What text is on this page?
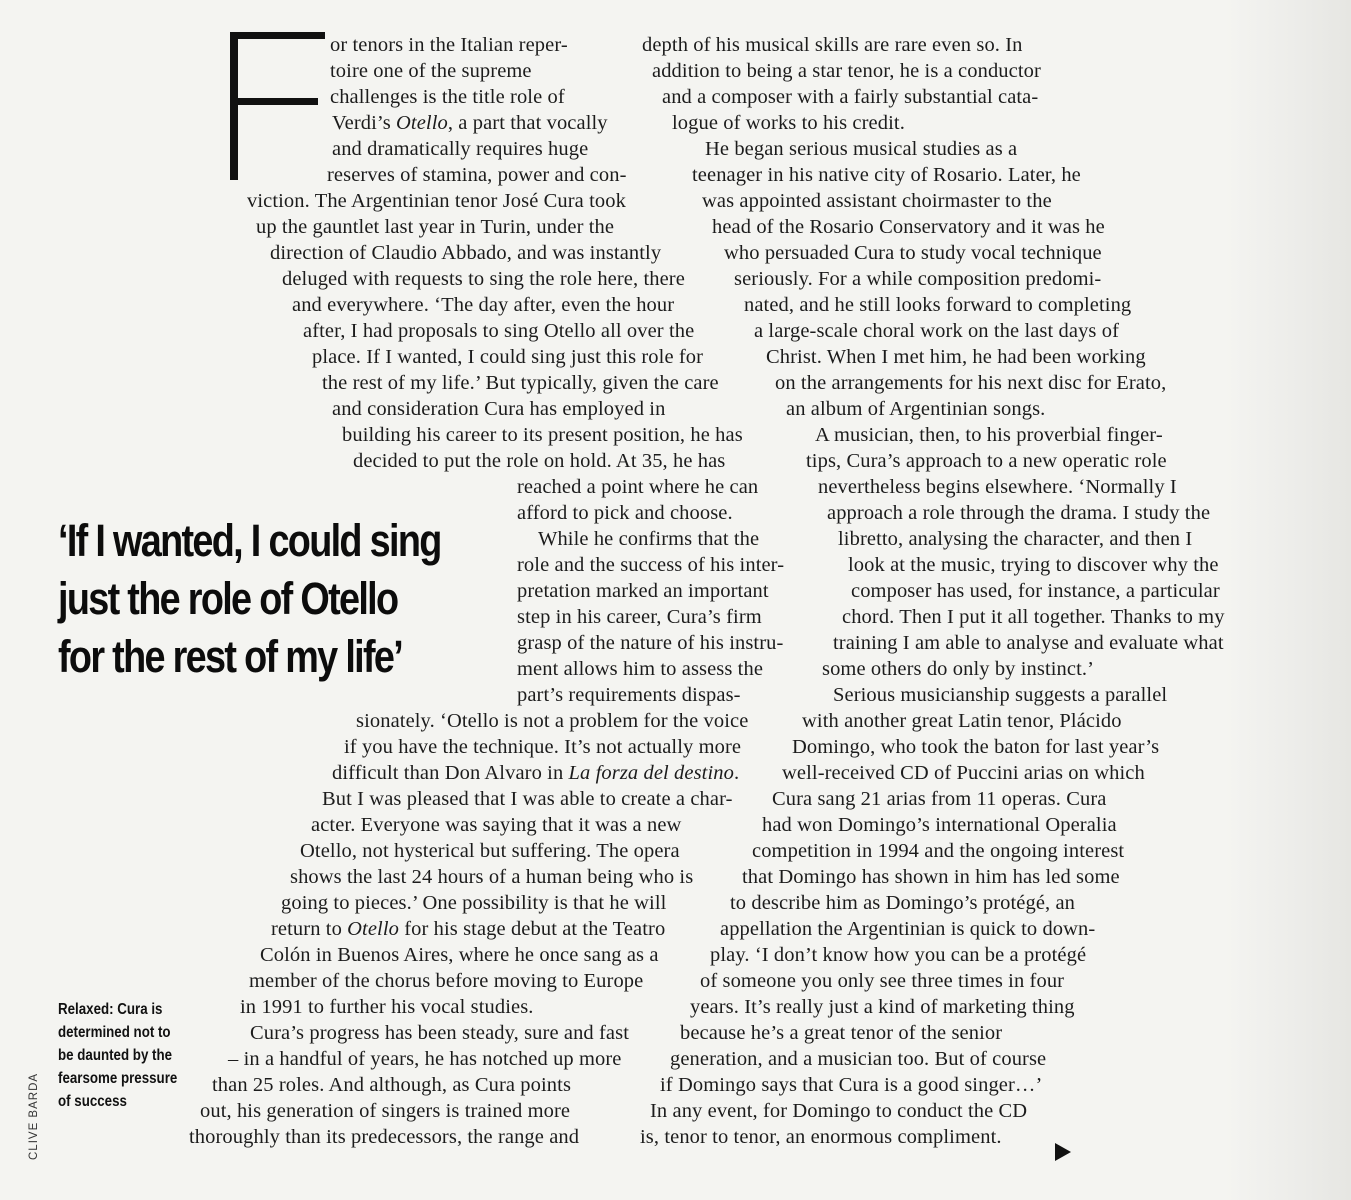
or tenors in the Italian reper-

toire one of the supreme

challenges is the title role of

Verdi’s Otello, a part that vocally

and dramatically requires huge

reserves of stamina, power and con-

viction. The Argentinian tenor José Cura took

up the gauntlet last year in Turin, under the

direction of Claudio Abbado, and was instantly

deluged with requests to sing the role here, there

and everywhere. ‘The day after, even the hour

after, I had proposals to sing Otello all over the

place. If I wanted, I could sing just this role for

the rest of my life.’ But typically, given the care

and consideration Cura has employed in

building his career to its present position, he has

decided to put the role on hold. At 35, he has

reached a point where he can

afford to pick and choose.

While he confirms that the

role and the success of his inter-

pretation marked an important

step in his career, Cura’s firm

grasp of the nature of his instru-

ment allows him to assess the

part’s requirements dispas-

sionately. ‘Otello is not a problem for the voice

if you have the technique. It’s not actually more

difficult than Don Alvaro in La forza del destino.

But I was pleased that I was able to create a char-

acter. Everyone was saying that it was a new

Otello, not hysterical but suffering. The opera

shows the last 24 hours of a human being who is

going to pieces.’ One possibility is that he will

return to Otello for his stage debut at the Teatro

Colón in Buenos Aires, where he once sang as a

member of the chorus before moving to Europe

in 1991 to further his vocal studies.

Cura’s progress has been steady, sure and fast

– in a handful of years, he has notched up more

than 25 roles. And although, as Cura points

out, his generation of singers is trained more

thoroughly than its predecessors, the range and

depth of his musical skills are rare even so. In

addition to being a star tenor, he is a conductor

and a composer with a fairly substantial cata-

logue of works to his credit.

He began serious musical studies as a

teenager in his native city of Rosario. Later, he

was appointed assistant choirmaster to the

head of the Rosario Conservatory and it was he

who persuaded Cura to study vocal technique

seriously. For a while composition predomi-

nated, and he still looks forward to completing

a large-scale choral work on the last days of

Christ. When I met him, he had been working

on the arrangements for his next disc for Erato,

an album of Argentinian songs.

A musician, then, to his proverbial finger-

tips, Cura’s approach to a new operatic role

nevertheless begins elsewhere. ‘Normally I

approach a role through the drama. I study the

libretto, analysing the character, and then I

look at the music, trying to discover why the

composer has used, for instance, a particular

chord. Then I put it all together. Thanks to my

training I am able to analyse and evaluate what

some others do only by instinct.’

Serious musicianship suggests a parallel

with another great Latin tenor, Plácido

Domingo, who took the baton for last year’s

well-received CD of Puccini arias on which

Cura sang 21 arias from 11 operas. Cura

had won Domingo’s international Operalia

competition in 1994 and the ongoing interest

that Domingo has shown in him has led some

to describe him as Domingo’s protégé, an

appellation the Argentinian is quick to down-

play. ‘I don’t know how you can be a protégé

of someone you only see three times in four

years. It’s really just a kind of marketing thing

because he’s a great tenor of the senior

generation, and a musician too. But of course

if Domingo says that Cura is a good singer…’

In any event, for Domingo to conduct the CD

is, tenor to tenor, an enormous compliment.

‘If I wanted, I could sing
just the role of Otello
for the rest of my life’
Relaxed: Cura is
determined not to
be daunted by the
fearsome pressure
of success
CLIVE BARDA
